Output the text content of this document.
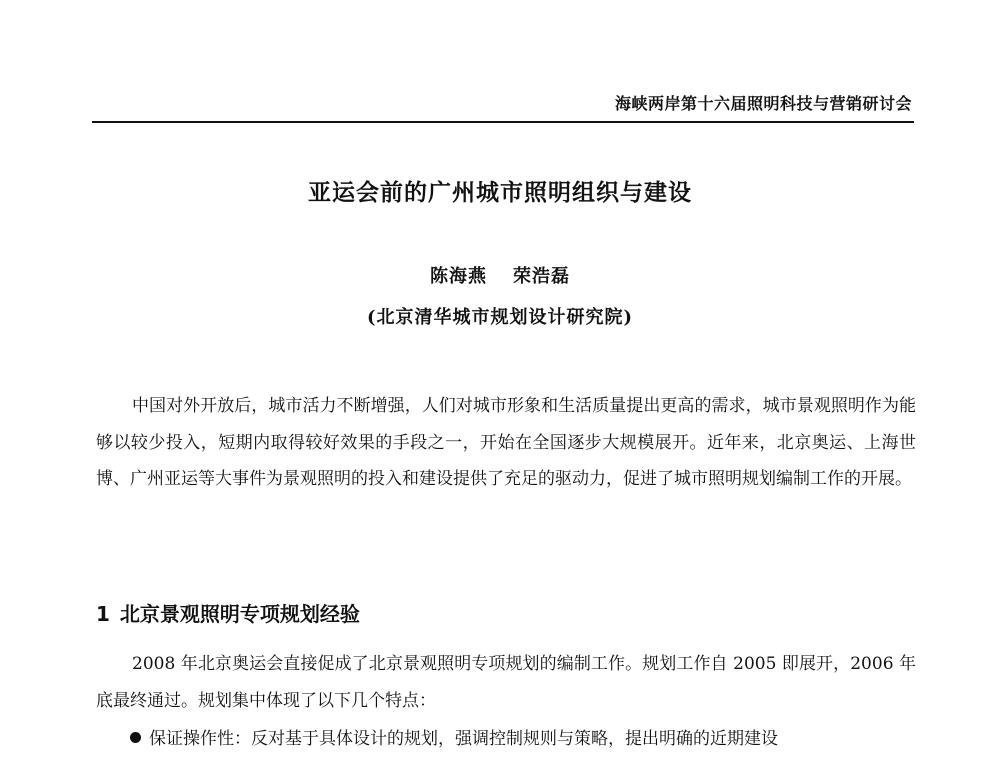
海峡两岸第十六届照明科技与营销研讨会
亚运会前的广州城市照明组织与建设
陈海燕 荣浩磊
(北京清华城市规划设计研究院)
中国对外开放后，城市活力不断增强，人们对城市形象和生活质量提出更高的需求，城市景观照明作为能够以较少投入，短期内取得较好效果的手段之一，开始在全国逐步大规模展开。近年来，北京奥运、上海世博、广州亚运等大事件为景观照明的投入和建设提供了充足的驱动力，促进了城市照明规划编制工作的开展。
1 北京景观照明专项规划经验
2008 年北京奥运会直接促成了北京景观照明专项规划的编制工作。规划工作自 2005 即展开，2006 年底最终通过。规划集中体现了以下几个特点：
保证操作性：反对基于具体设计的规划，强调控制规则与策略，提出明确的近期建设
